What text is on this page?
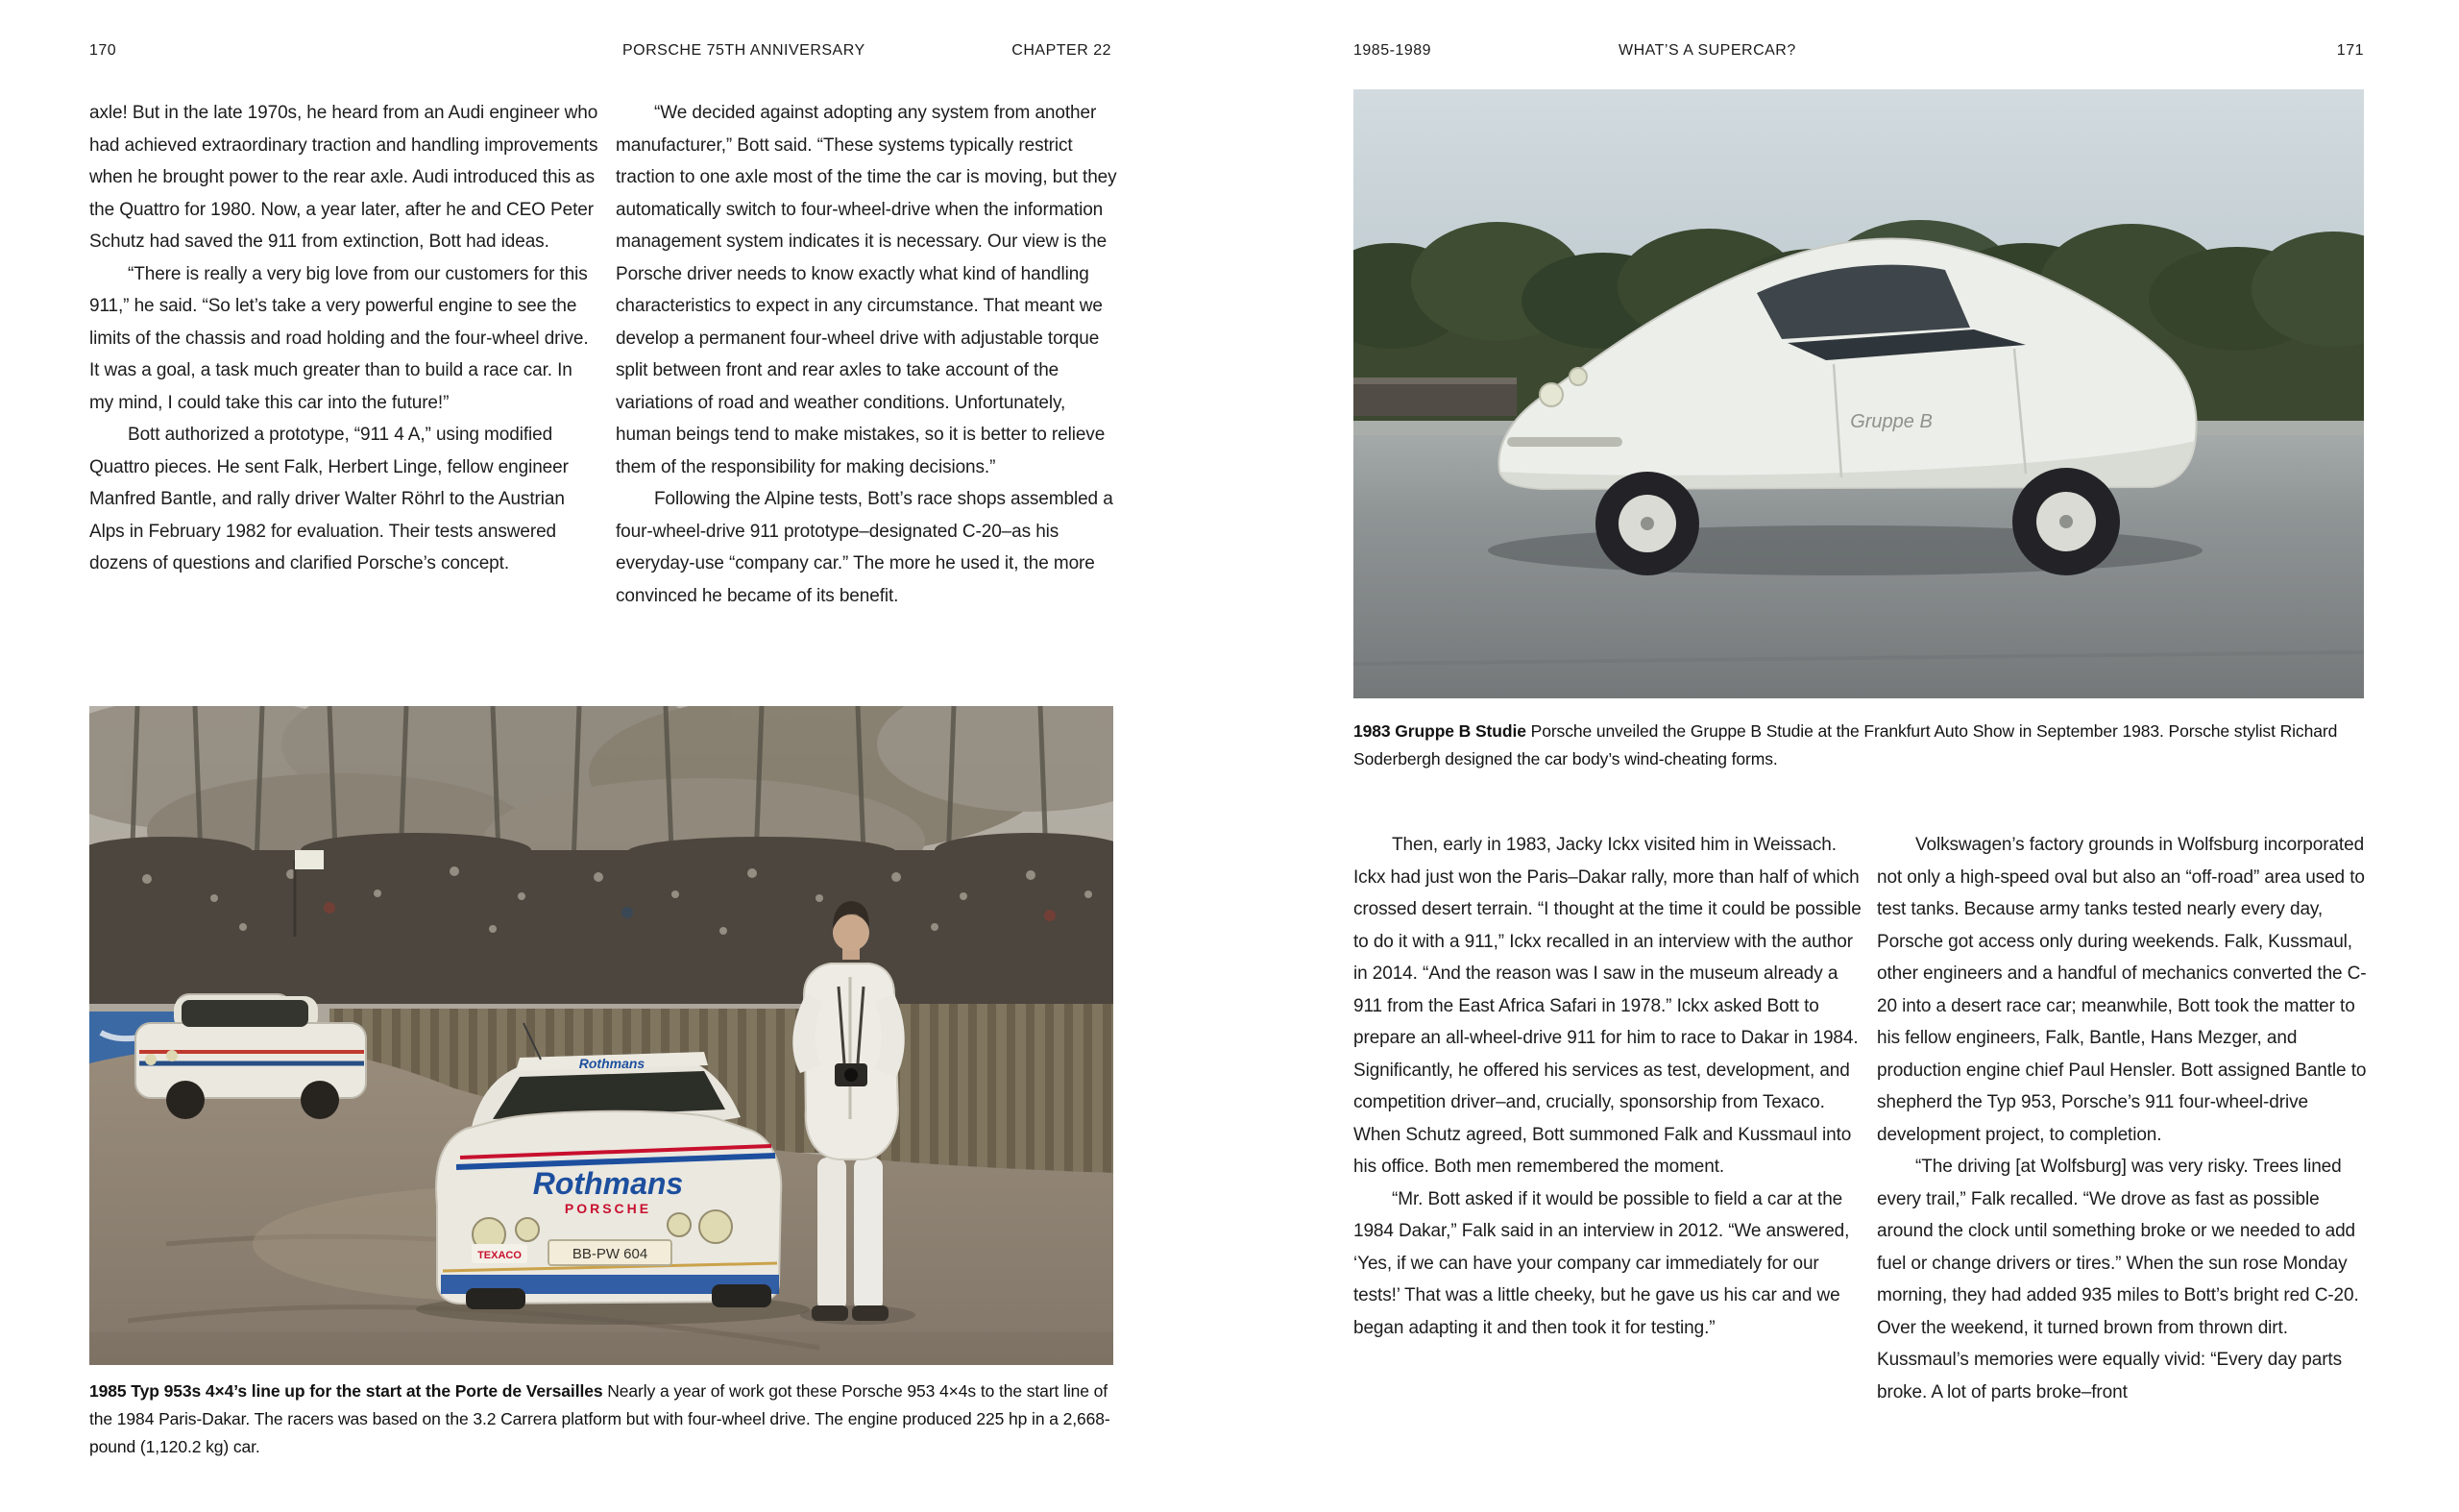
170	PORSCHE 75TH ANNIVERSARY	CHAPTER 22	1985-1989	WHAT’S A SUPERCAR?	171

axle! But in the late 1970s, he heard from an Audi engineer who had achieved extraordinary traction and handling improvements when he brought power to the rear axle. Audi introduced this as the Quattro for 1980. Now, a year later, after he and CEO Peter Schutz had saved the 911 from extinction, Bott had ideas.

“There is really a very big love from our customers for this 911,” he said. “So let’s take a very powerful engine to see the limits of the chassis and road holding and the four-wheel drive. It was a goal, a task much greater than to build a race car. In my mind, I could take this car into the future!”

Bott authorized a prototype, “911 4 A,” using modified Quattro pieces. He sent Falk, Herbert Linge, fellow engineer Manfred Bantle, and rally driver Walter Röhrl to the Austrian Alps in February 1982 for evaluation. Their tests answered dozens of questions and clarified Porsche’s concept.

“We decided against adopting any system from another manufacturer,” Bott said. “These systems typically restrict traction to one axle most of the time the car is moving, but they automatically switch to four-wheel-drive when the information management system indicates it is necessary. Our view is the Porsche driver needs to know exactly what kind of handling characteristics to expect in any circumstance. That meant we develop a permanent four-wheel drive with adjustable torque split between front and rear axles to take account of the variations of road and weather conditions. Unfortunately, human beings tend to make mistakes, so it is better to relieve them of the responsibility for making decisions.”

Following the Alpine tests, Bott’s race shops assembled a four-wheel-drive 911 prototype–designated C-20–as his everyday-use “company car.” The more he used it, the more convinced he became of its benefit.

Gruppe B

1983 Gruppe B Studie Porsche unveiled the Gruppe B Studie at the Frankfurt Auto Show in September 1983. Porsche stylist Richard Soderbergh designed the car body’s wind-cheating forms.

Then, early in 1983, Jacky Ickx visited him in Weissach. Ickx had just won the Paris–Dakar rally, more than half of which crossed desert terrain. “I thought at the time it could be possible to do it with a 911,” Ickx recalled in an interview with the author in 2014. “And the reason was I saw in the museum already a 911 from the East Africa Safari in 1978.” Ickx asked Bott to prepare an all-wheel-drive 911 for him to race to Dakar in 1984. Significantly, he offered his services as test, development, and competition driver–and, crucially, sponsorship from Texaco. When Schutz agreed, Bott summoned Falk and Kussmaul into his office. Both men remembered the moment.

“Mr. Bott asked if it would be possible to field a car at the 1984 Dakar,” Falk said in an interview in 2012. “We answered, ‘Yes, if we can have your company car immediately for our tests!’ That was a little cheeky, but he gave us his car and we began adapting it and then took it for testing.”

Volkswagen’s factory grounds in Wolfsburg incorporated not only a high-speed oval but also an “off-road” area used to test tanks. Because army tanks tested nearly every day, Porsche got access only during weekends. Falk, Kussmaul, other engineers and a handful of mechanics converted the C-20 into a desert race car; meanwhile, Bott took the matter to his fellow engineers, Falk, Bantle, Hans Mezger, and production engine chief Paul Hensler. Bott assigned Bantle to shepherd the Typ 953, Porsche’s 911 four-wheel-drive development project, to completion.

“The driving [at Wolfsburg] was very risky. Trees lined every trail,” Falk recalled. “We drove as fast as possible around the clock until something broke or we needed to add fuel or change drivers or tires.” When the sun rose Monday morning, they had added 935 miles to Bott’s bright red C-20. Over the weekend, it turned brown from thrown dirt. Kussmaul’s memories were equally vivid: “Every day parts broke. A lot of parts broke–front

Rothmans
Rothmans
PORSCHE
TEXACO	BB-PW 604

1985 Typ 953s 4×4’s line up for the start at the Porte de Versailles Nearly a year of work got these Porsche 953 4×4s to the start line of the 1984 Paris-Dakar. The racers was based on the 3.2 Carrera platform but with four-wheel drive. The engine produced 225 hp in a 2,668-pound (1,120.2 kg) car.
